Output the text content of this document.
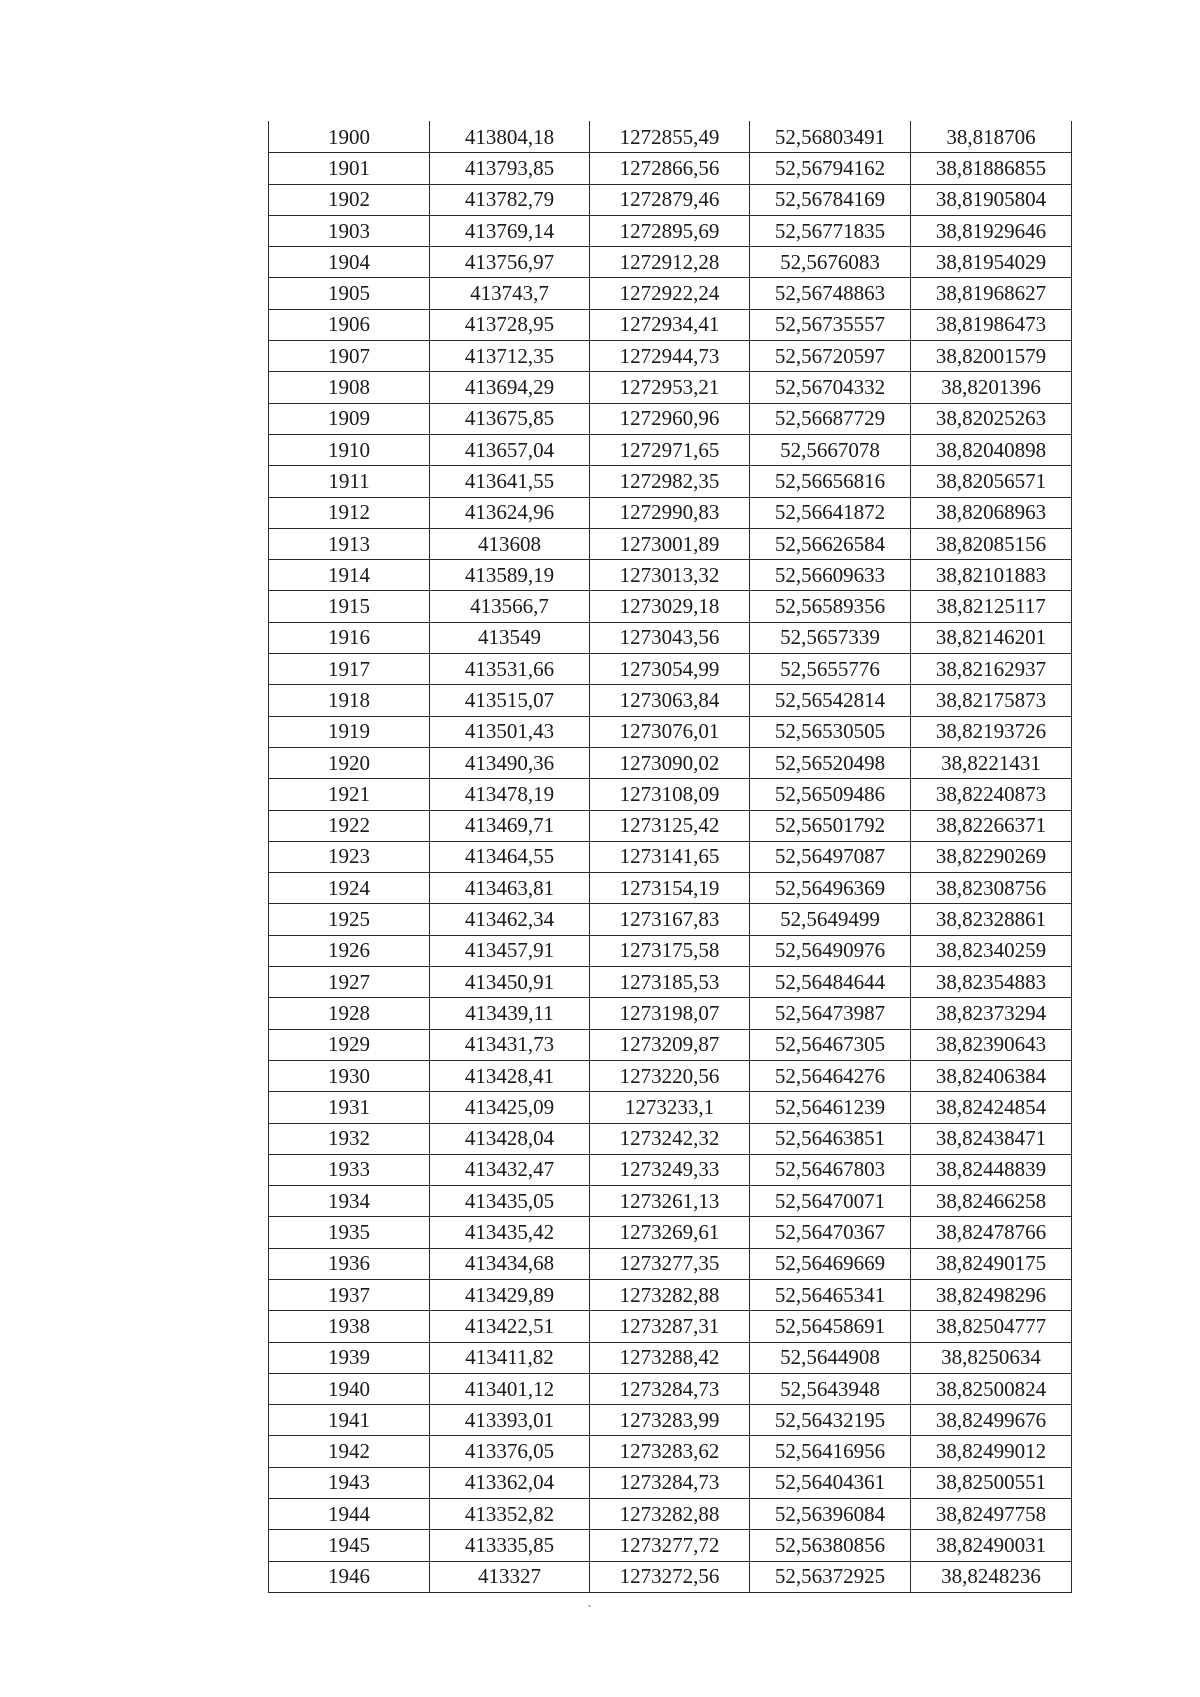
1900	413804,18	1272855,49	52,56803491	38,818706
1901	413793,85	1272866,56	52,56794162	38,81886855
1902	413782,79	1272879,46	52,56784169	38,81905804
1903	413769,14	1272895,69	52,56771835	38,81929646
1904	413756,97	1272912,28	52,5676083	38,81954029
1905	413743,7	1272922,24	52,56748863	38,81968627
1906	413728,95	1272934,41	52,56735557	38,81986473
1907	413712,35	1272944,73	52,56720597	38,82001579
1908	413694,29	1272953,21	52,56704332	38,8201396
1909	413675,85	1272960,96	52,56687729	38,82025263
1910	413657,04	1272971,65	52,5667078	38,82040898
1911	413641,55	1272982,35	52,56656816	38,82056571
1912	413624,96	1272990,83	52,56641872	38,82068963
1913	413608	1273001,89	52,56626584	38,82085156
1914	413589,19	1273013,32	52,56609633	38,82101883
1915	413566,7	1273029,18	52,56589356	38,82125117
1916	413549	1273043,56	52,5657339	38,82146201
1917	413531,66	1273054,99	52,5655776	38,82162937
1918	413515,07	1273063,84	52,56542814	38,82175873
1919	413501,43	1273076,01	52,56530505	38,82193726
1920	413490,36	1273090,02	52,56520498	38,8221431
1921	413478,19	1273108,09	52,56509486	38,82240873
1922	413469,71	1273125,42	52,56501792	38,82266371
1923	413464,55	1273141,65	52,56497087	38,82290269
1924	413463,81	1273154,19	52,56496369	38,82308756
1925	413462,34	1273167,83	52,5649499	38,82328861
1926	413457,91	1273175,58	52,56490976	38,82340259
1927	413450,91	1273185,53	52,56484644	38,82354883
1928	413439,11	1273198,07	52,56473987	38,82373294
1929	413431,73	1273209,87	52,56467305	38,82390643
1930	413428,41	1273220,56	52,56464276	38,82406384
1931	413425,09	1273233,1	52,56461239	38,82424854
1932	413428,04	1273242,32	52,56463851	38,82438471
1933	413432,47	1273249,33	52,56467803	38,82448839
1934	413435,05	1273261,13	52,56470071	38,82466258
1935	413435,42	1273269,61	52,56470367	38,82478766
1936	413434,68	1273277,35	52,56469669	38,82490175
1937	413429,89	1273282,88	52,56465341	38,82498296
1938	413422,51	1273287,31	52,56458691	38,82504777
1939	413411,82	1273288,42	52,5644908	38,8250634
1940	413401,12	1273284,73	52,5643948	38,82500824
1941	413393,01	1273283,99	52,56432195	38,82499676
1942	413376,05	1273283,62	52,56416956	38,82499012
1943	413362,04	1273284,73	52,56404361	38,82500551
1944	413352,82	1273282,88	52,56396084	38,82497758
1945	413335,85	1273277,72	52,56380856	38,82490031
1946	413327	1273272,56	52,56372925	38,8248236
